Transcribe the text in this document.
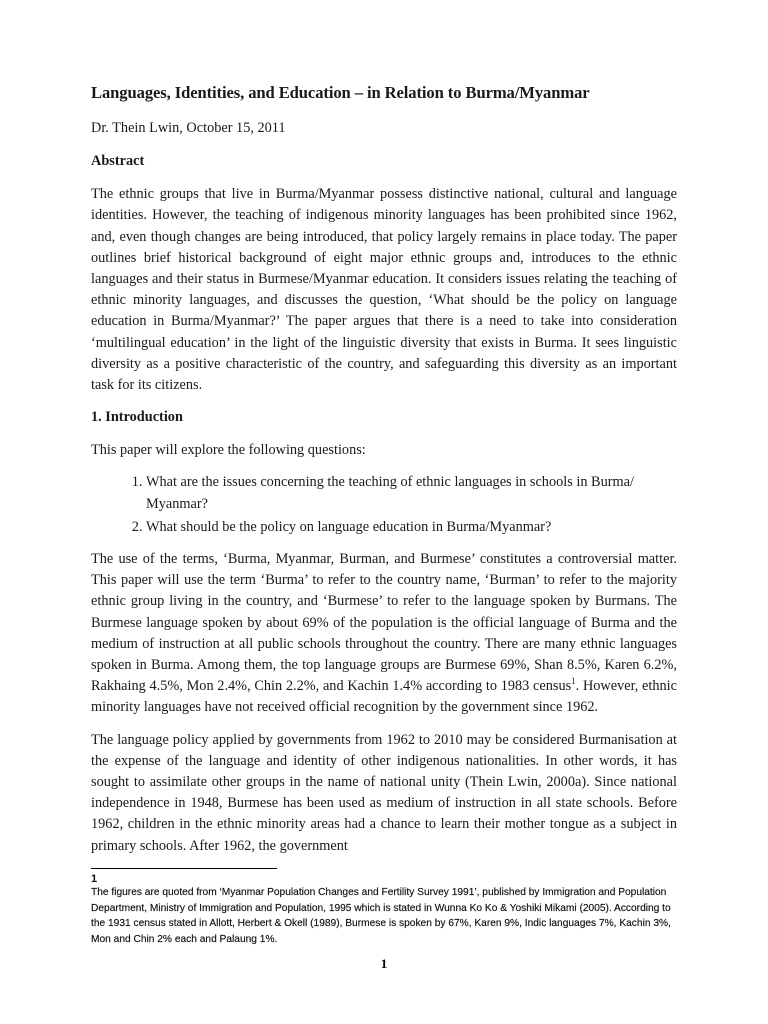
Languages, Identities, and Education – in Relation to Burma/Myanmar

Dr. Thein Lwin, October 15, 2011

Abstract

The ethnic groups that live in Burma/Myanmar possess distinctive national, cultural and language identities. However, the teaching of indigenous minority languages has been prohibited since 1962, and, even though changes are being introduced, that policy largely remains in place today. The paper outlines brief historical background of eight major ethnic groups and, introduces to the ethnic languages and their status in Burmese/Myanmar education. It considers issues relating the teaching of ethnic minority languages, and discusses the question, ‘What should be the policy on language education in Burma/Myanmar?’ The paper argues that there is a need to take into consideration ‘multilingual education’ in the light of the linguistic diversity that exists in Burma. It sees linguistic diversity as a positive characteristic of the country, and safeguarding this diversity as an important task for its citizens.

1. Introduction

This paper will explore the following questions:

1. What are the issues concerning the teaching of ethnic languages in schools in Burma/ Myanmar?
2. What should be the policy on language education in Burma/Myanmar?

The use of the terms, ‘Burma, Myanmar, Burman, and Burmese’ constitutes a controversial matter. This paper will use the term ‘Burma’ to refer to the country name, ‘Burman’ to refer to the majority ethnic group living in the country, and ‘Burmese’ to refer to the language spoken by Burmans. The Burmese language spoken by about 69% of the population is the official language of Burma and the medium of instruction at all public schools throughout the country. There are many ethnic languages spoken in Burma. Among them, the top language groups are Burmese 69%, Shan 8.5%, Karen 6.2%, Rakhaing 4.5%, Mon 2.4%, Chin 2.2%, and Kachin 1.4% according to 1983 census$^1$. However, ethnic minority languages have not received official recognition by the government since 1962.

The language policy applied by governments from 1962 to 2010 may be considered Burmanisation at the expense of the language and identity of other indigenous nationalities. In other words, it has sought to assimilate other groups in the name of national unity (Thein Lwin, 2000a). Since national independence in 1948, Burmese has been used as medium of instruction in all state schools. Before 1962, children in the ethnic minority areas had a chance to learn their mother tongue as a subject in primary schools. After 1962, the government

1
The figures are quoted from ‘Myanmar Population Changes and Fertility Survey 1991’, published by Immigration and Population Department, Ministry of Immigration and Population, 1995 which is stated in Wunna Ko Ko & Yoshiki Mikami (2005). According to the 1931 census stated in Allott, Herbert & Okell (1989), Burmese is spoken by 67%, Karen 9%, Indic languages 7%, Kachin 3%, Mon and Chin 2% each and Palaung 1%.
1
